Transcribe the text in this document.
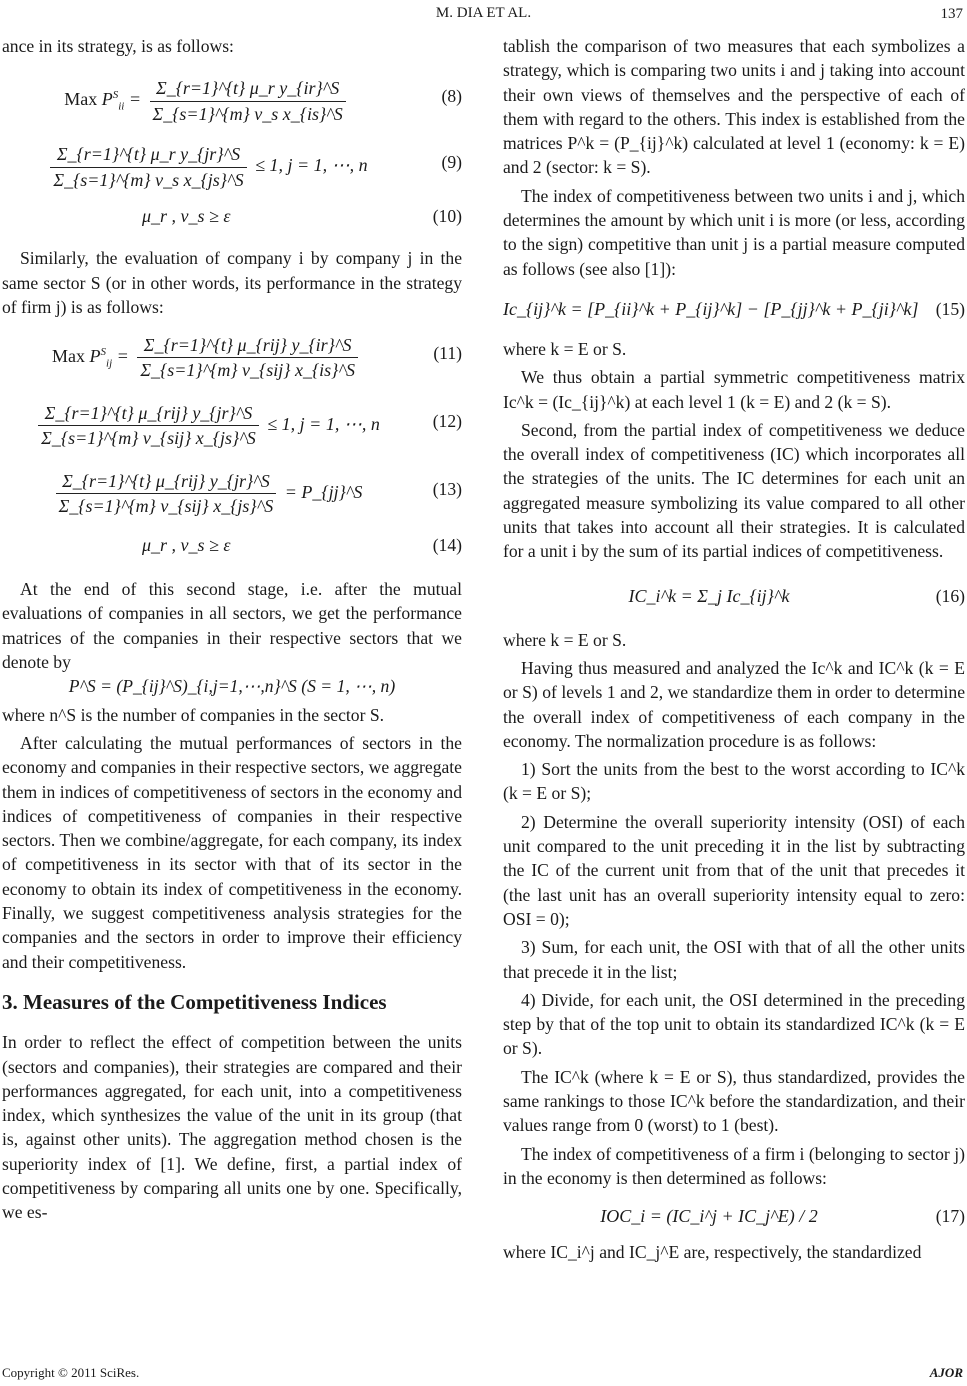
M. DIA ET AL.	137

ance in its strategy, is as follows:

Max $P^S_{ii} = \frac{\text{Σ\_\{r=1\}\textasciicircum{}\{t\} μ\_r y\_\{ir\}\textasciicircum{}S}}{\text{Σ\_\{s=1\}\textasciicircum{}\{m\} ν\_s x\_\{is\}\textasciicircum{}S}}$	(8)
$\frac{\text{Σ\_\{r=1\}\textasciicircum{}\{t\} μ\_r y\_\{jr\}\textasciicircum{}S}}{\text{Σ\_\{s=1\}\textasciicircum{}\{m\} ν\_s x\_\{js\}\textasciicircum{}S}} \le 1$, j = 1, ⋯, n	(9)
μ_r , ν_s ≥ ε	(10)

Similarly, the evaluation of company i by company j in the same sector S (or in other words, its performance in the strategy of firm j) is as follows:

Max $P^S_{ij} = \frac{\text{Σ\_\{r=1\}\textasciicircum{}\{t\} μ\_\{rij\} y\_\{ir\}\textasciicircum{}S}}{\text{Σ\_\{s=1\}\textasciicircum{}\{m\} ν\_\{sij\} x\_\{is\}\textasciicircum{}S}}$	(11)
$\frac{\text{Σ\_\{r=1\}\textasciicircum{}\{t\} μ\_\{rij\} y\_\{jr\}\textasciicircum{}S}}{\text{Σ\_\{s=1\}\textasciicircum{}\{m\} ν\_\{sij\} x\_\{js\}\textasciicircum{}S}} \le 1$, j = 1, ⋯, n	(12)
$\frac{\text{Σ\_\{r=1\}\textasciicircum{}\{t\} μ\_\{rij\} y\_\{jr\}\textasciicircum{}S}}{\text{Σ\_\{s=1\}\textasciicircum{}\{m\} ν\_\{sij\} x\_\{js\}\textasciicircum{}S}}$ = P_{jj}^S	(13)
μ_r , ν_s ≥ ε	(14)

At the end of this second stage, i.e. after the mutual evaluations of companies in all sectors, we get the performance matrices of the companies in their respective sectors that we denote by

P^S = (P_{ij}^S)_{i,j=1,⋯,n}^S (S = 1, ⋯, n)

where n^S is the number of companies in the sector S.

After calculating the mutual performances of sectors in the economy and companies in their respective sectors, we aggregate them in indices of competitiveness of sectors in the economy and indices of competitiveness of companies in their respective sectors. Then we combine/aggregate, for each company, its index of competitiveness in its sector with that of its sector in the economy to obtain its index of competitiveness in the economy. Finally, we suggest competitiveness analysis strategies for the companies and the sectors in order to improve their efficiency and their competitiveness.

3. Measures of the Competitiveness Indices

In order to reflect the effect of competition between the units (sectors and companies), their strategies are compared and their performances aggregated, for each unit, into a competitiveness index, which synthesizes the value of the unit in its group (that is, against other units). The aggregation method chosen is the superiority index of [1]. We define, first, a partial index of competitiveness by comparing all units one by one. Specifically, we es-

tablish the comparison of two measures that each symbolizes a strategy, which is comparing two units i and j taking into account their own views of themselves and the perspective of each of them with regard to the others. This index is established from the matrices P^k = (P_{ij}^k) calculated at level 1 (economy: k = E) and 2 (sector: k = S).

The index of competitiveness between two units i and j, which determines the amount by which unit i is more (or less, according to the sign) competitive than unit j is a partial measure computed as follows (see also [1]):

Ic_{ij}^k = [P_{ii}^k + P_{ij}^k] − [P_{jj}^k + P_{ji}^k] (15)

where k = E or S.

We thus obtain a partial symmetric competitiveness matrix Ic^k = (Ic_{ij}^k) at each level 1 (k = E) and 2 (k = S).

Second, from the partial index of competitiveness we deduce the overall index of competitiveness (IC) which incorporates all the strategies of the units. The IC determines for each unit an aggregated measure symbolizing its value compared to all other units that takes into account all their strategies. It is calculated for a unit i by the sum of its partial indices of competitiveness.

IC_i^k = Σ_j Ic_{ij}^k	(16)

where k = E or S.

Having thus measured and analyzed the Ic^k and IC^k (k = E or S) of levels 1 and 2, we standardize them in order to determine the overall index of competitiveness of each company in the economy. The normalization procedure is as follows:

1) Sort the units from the best to the worst according to IC^k (k = E or S);

2) Determine the overall superiority intensity (OSI) of each unit compared to the unit preceding it in the list by subtracting the IC of the current unit from that of the unit that precedes it (the last unit has an overall superiority intensity equal to zero: OSI = 0);

3) Sum, for each unit, the OSI with that of all the other units that precede it in the list;

4) Divide, for each unit, the OSI determined in the preceding step by that of the top unit to obtain its standardized IC^k (k = E or S).

The IC^k (where k = E or S), thus standardized, provides the same rankings to those IC^k before the standardization, and their values range from 0 (worst) to 1 (best).

The index of competitiveness of a firm i (belonging to sector j) in the economy is then determined as follows:

IOC_i = (IC_i^j + IC_j^E) / 2	(17)

where IC_i^j and IC_j^E are, respectively, the standardized

Copyright © 2011 SciRes.	AJOR
